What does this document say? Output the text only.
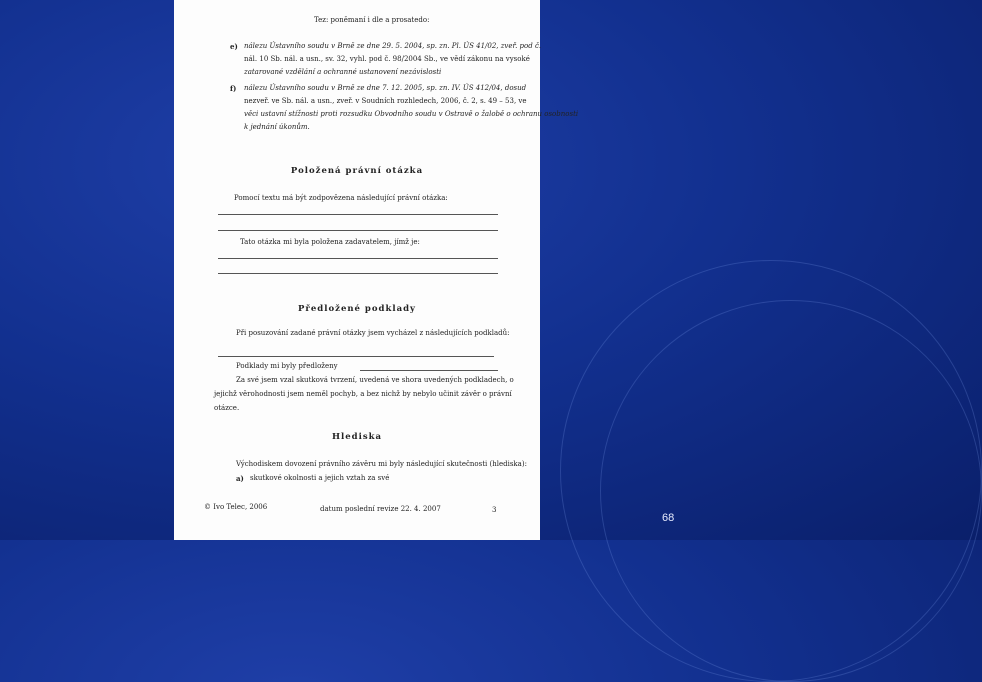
Tez: poněmaní i dle a prosatedo:
e) nálezu Ústavního soudu v Brně ze dne 29. 5. 2004, sp. zn. Pl. ÚS 41/02, zveř. pod č.
nál. 10 Sb. nál. a usn., sv. 32, vyhl. pod č. 98/2004 Sb., ve vědí zákonu na vysoké
zatarované vzdělání a ochranné ustanovení nezávislosti
f) nálezu Ústavního soudu v Brně ze dne 7. 12. 2005, sp. zn. IV. ÚS 412/04, dosud
nezveř. ve Sb. nál. a usn., zveř. v Soudních rozhledech, 2006, č. 2, s. 49 – 53, ve
věci ustavní stížnosti proti rozsudku Obvodního soudu v Ostravě o žalobě o ochranu osobnosti
k jednání úkonům.
Položená právní otázka
Pomocí textu má být zodpovězena následující právní otázka:
Tato otázka mi byla položena zadavatelem, jímž je:
Předložené podklady
Při posuzování zadané právní otázky jsem vycházel z následujících podkladů:
Podklady mi byly předloženy
Za své jsem vzal skutková tvrzení, uvedená ve shora uvedených podkladech, o
jejichž věrohodnosti jsem neměl pochyb, a bez nichž by nebylo učinit závěr o právní
otázce.
Hlediska
Východiskem dovození právního závěru mi byly následující skutečnosti (hlediska):
a) skutkové okolnosti a jejich vztah za své
© Ivo Telec, 2006	datum poslední revize 22. 4. 2007	3
68
